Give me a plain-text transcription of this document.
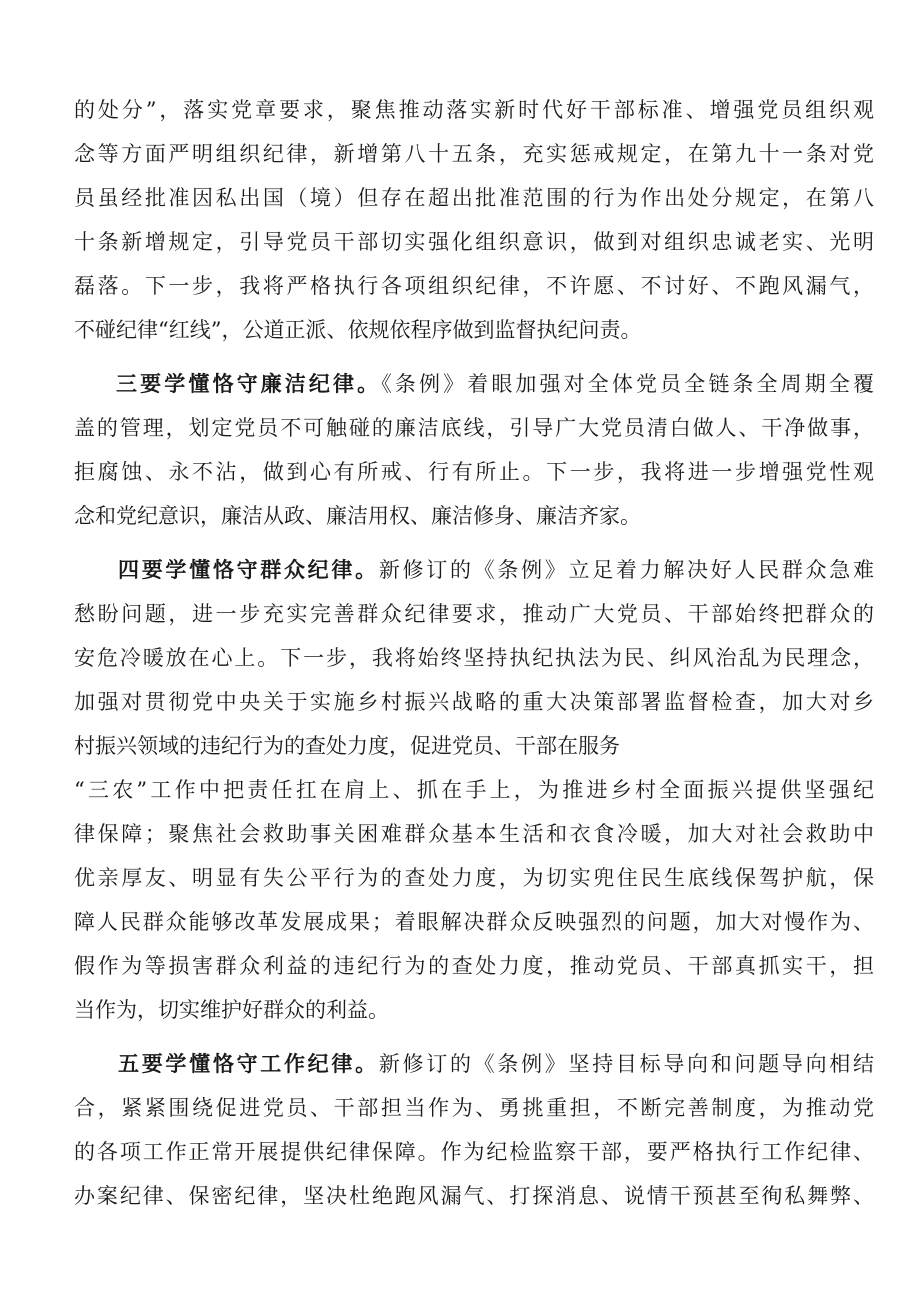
的处分”，落实党章要求，聚焦推动落实新时代好干部标准、增强党员组织观
念等方面严明组织纪律，新增第八十五条，充实惩戒规定，在第九十一条对党
员虽经批准因私出国（境）但存在超出批准范围的行为作出处分规定，在第八
十条新增规定，引导党员干部切实强化组织意识，做到对组织忠诚老实、光明
磊落。下一步，我将严格执行各项组织纪律，不许愿、不讨好、不跑风漏气，
不碰纪律“红线”，公道正派、依规依程序做到监督执纪问责。
三要学懂恪守廉洁纪律。《条例》着眼加强对全体党员全链条全周期全覆
盖的管理，划定党员不可触碰的廉洁底线，引导广大党员清白做人、干净做事，
拒腐蚀、永不沾，做到心有所戒、行有所止。下一步，我将进一步增强党性观
念和党纪意识，廉洁从政、廉洁用权、廉洁修身、廉洁齐家。
四要学懂恪守群众纪律。新修订的《条例》立足着力解决好人民群众急难
愁盼问题，进一步充实完善群众纪律要求，推动广大党员、干部始终把群众的
安危冷暖放在心上。下一步，我将始终坚持执纪执法为民、纠风治乱为民理念，
加强对贯彻党中央关于实施乡村振兴战略的重大决策部署监督检查，加大对乡
村振兴领域的违纪行为的查处力度，促进党员、干部在服务
“三农”工作中把责任扛在肩上、抓在手上，为推进乡村全面振兴提供坚强纪
律保障；聚焦社会救助事关困难群众基本生活和衣食冷暖，加大对社会救助中
优亲厚友、明显有失公平行为的查处力度，为切实兜住民生底线保驾护航，保
障人民群众能够改革发展成果；着眼解决群众反映强烈的问题，加大对慢作为、
假作为等损害群众利益的违纪行为的查处力度，推动党员、干部真抓实干，担
当作为，切实维护好群众的利益。
五要学懂恪守工作纪律。新修订的《条例》坚持目标导向和问题导向相结
合，紧紧围绕促进党员、干部担当作为、勇挑重担，不断完善制度，为推动党
的各项工作正常开展提供纪律保障。作为纪检监察干部，要严格执行工作纪律、
办案纪律、保密纪律，坚决杜绝跑风漏气、打探消息、说情干预甚至徇私舞弊、
